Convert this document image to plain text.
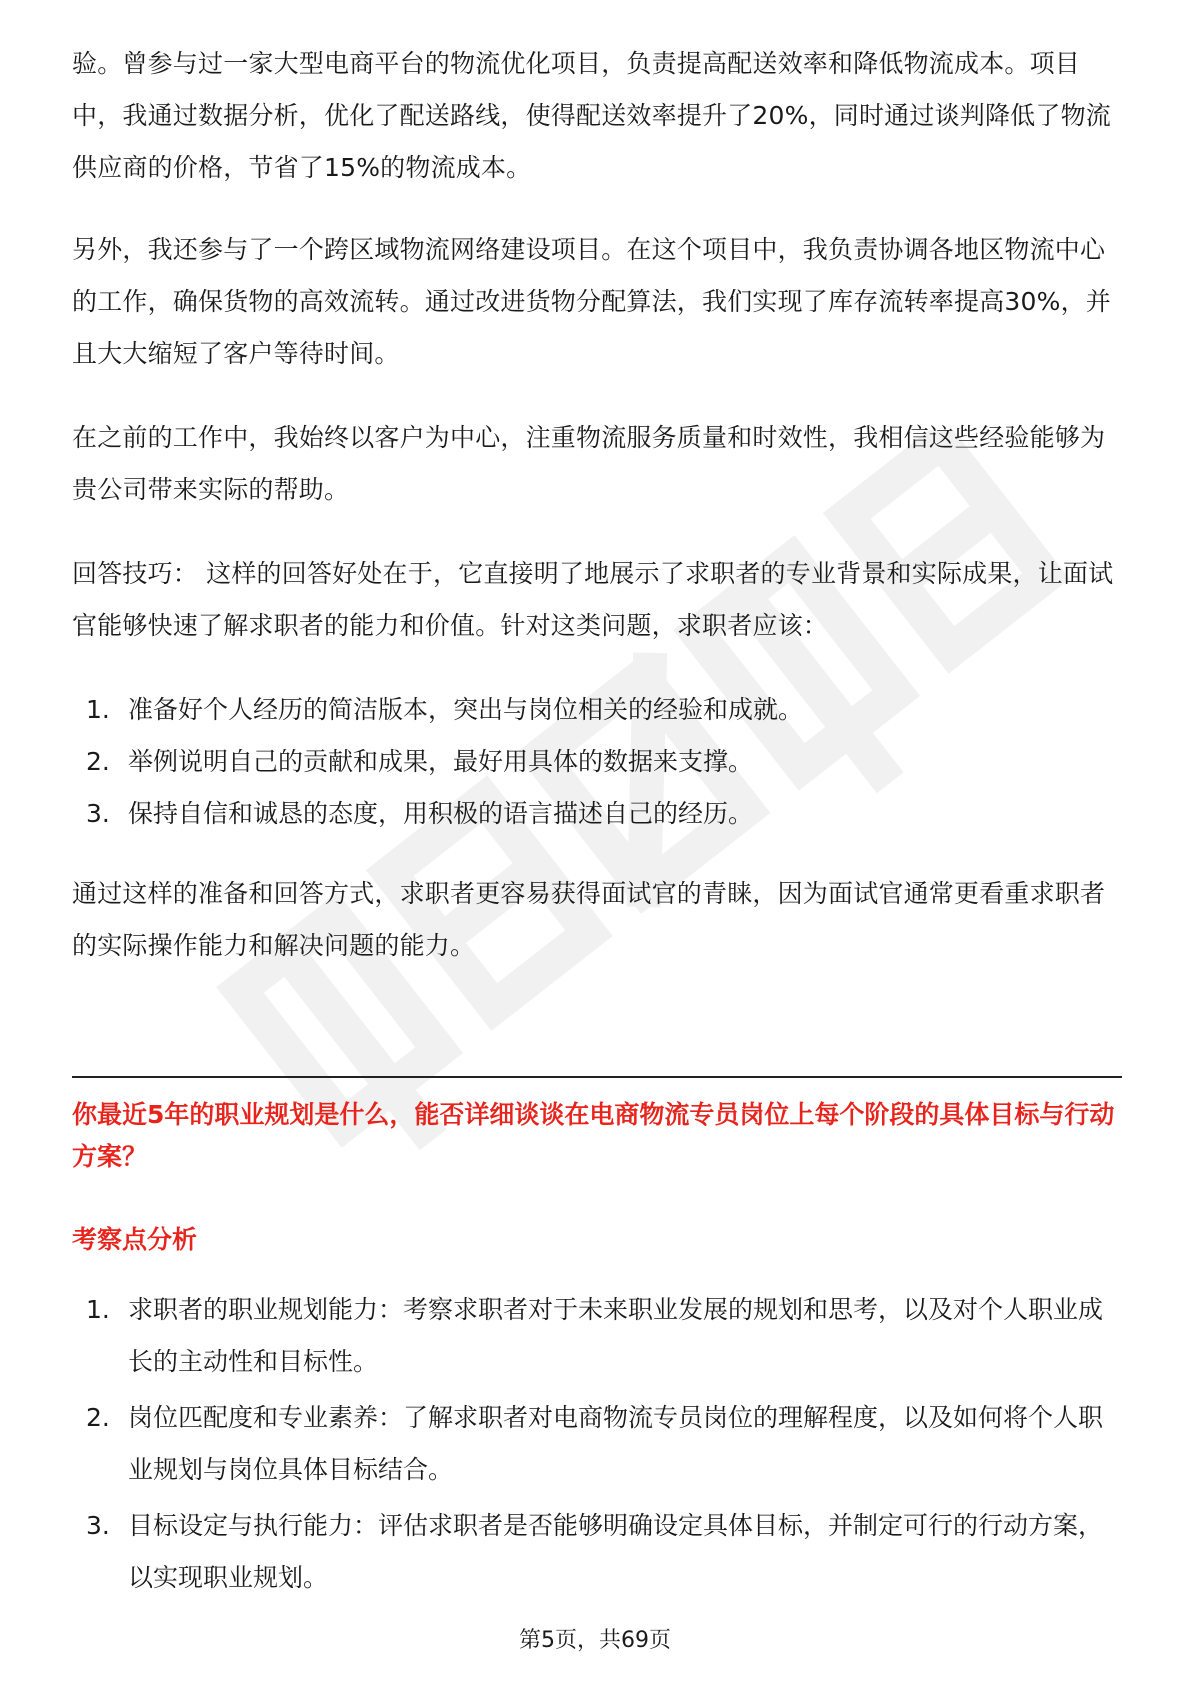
验。曾参与过一家大型电商平台的物流优化项目，负责提高配送效率和降低物流成本。项目中，我通过数据分析，优化了配送路线，使得配送效率提升了20%，同时通过谈判降低了物流供应商的价格，节省了15%的物流成本。

另外，我还参与了一个跨区域物流网络建设项目。在这个项目中，我负责协调各地区物流中心的工作，确保货物的高效流转。通过改进货物分配算法，我们实现了库存流转率提高30%，并且大大缩短了客户等待时间。

在之前的工作中，我始终以客户为中心，注重物流服务质量和时效性，我相信这些经验能够为贵公司带来实际的帮助。

回答技巧： 这样的回答好处在于，它直接明了地展示了求职者的专业背景和实际成果，让面试官能够快速了解求职者的能力和价值。针对这类问题，求职者应该：

1. 准备好个人经历的简洁版本，突出与岗位相关的经验和成就。
2. 举例说明自己的贡献和成果，最好用具体的数据来支撑。
3. 保持自信和诚恳的态度，用积极的语言描述自己的经历。

通过这样的准备和回答方式，求职者更容易获得面试官的青睐，因为面试官通常更看重求职者的实际操作能力和解决问题的能力。

你最近5年的职业规划是什么，能否详细谈谈在电商物流专员岗位上每个阶段的具体目标与行动方案？

考察点分析

1. 求职者的职业规划能力：考察求职者对于未来职业发展的规划和思考，以及对个人职业成长的主动性和目标性。
2. 岗位匹配度和专业素养：了解求职者对电商物流专员岗位的理解程度，以及如何将个人职业规划与岗位具体目标结合。
3. 目标设定与执行能力：评估求职者是否能够明确设定具体目标，并制定可行的行动方案，以实现职业规划。
第5页，共69页
